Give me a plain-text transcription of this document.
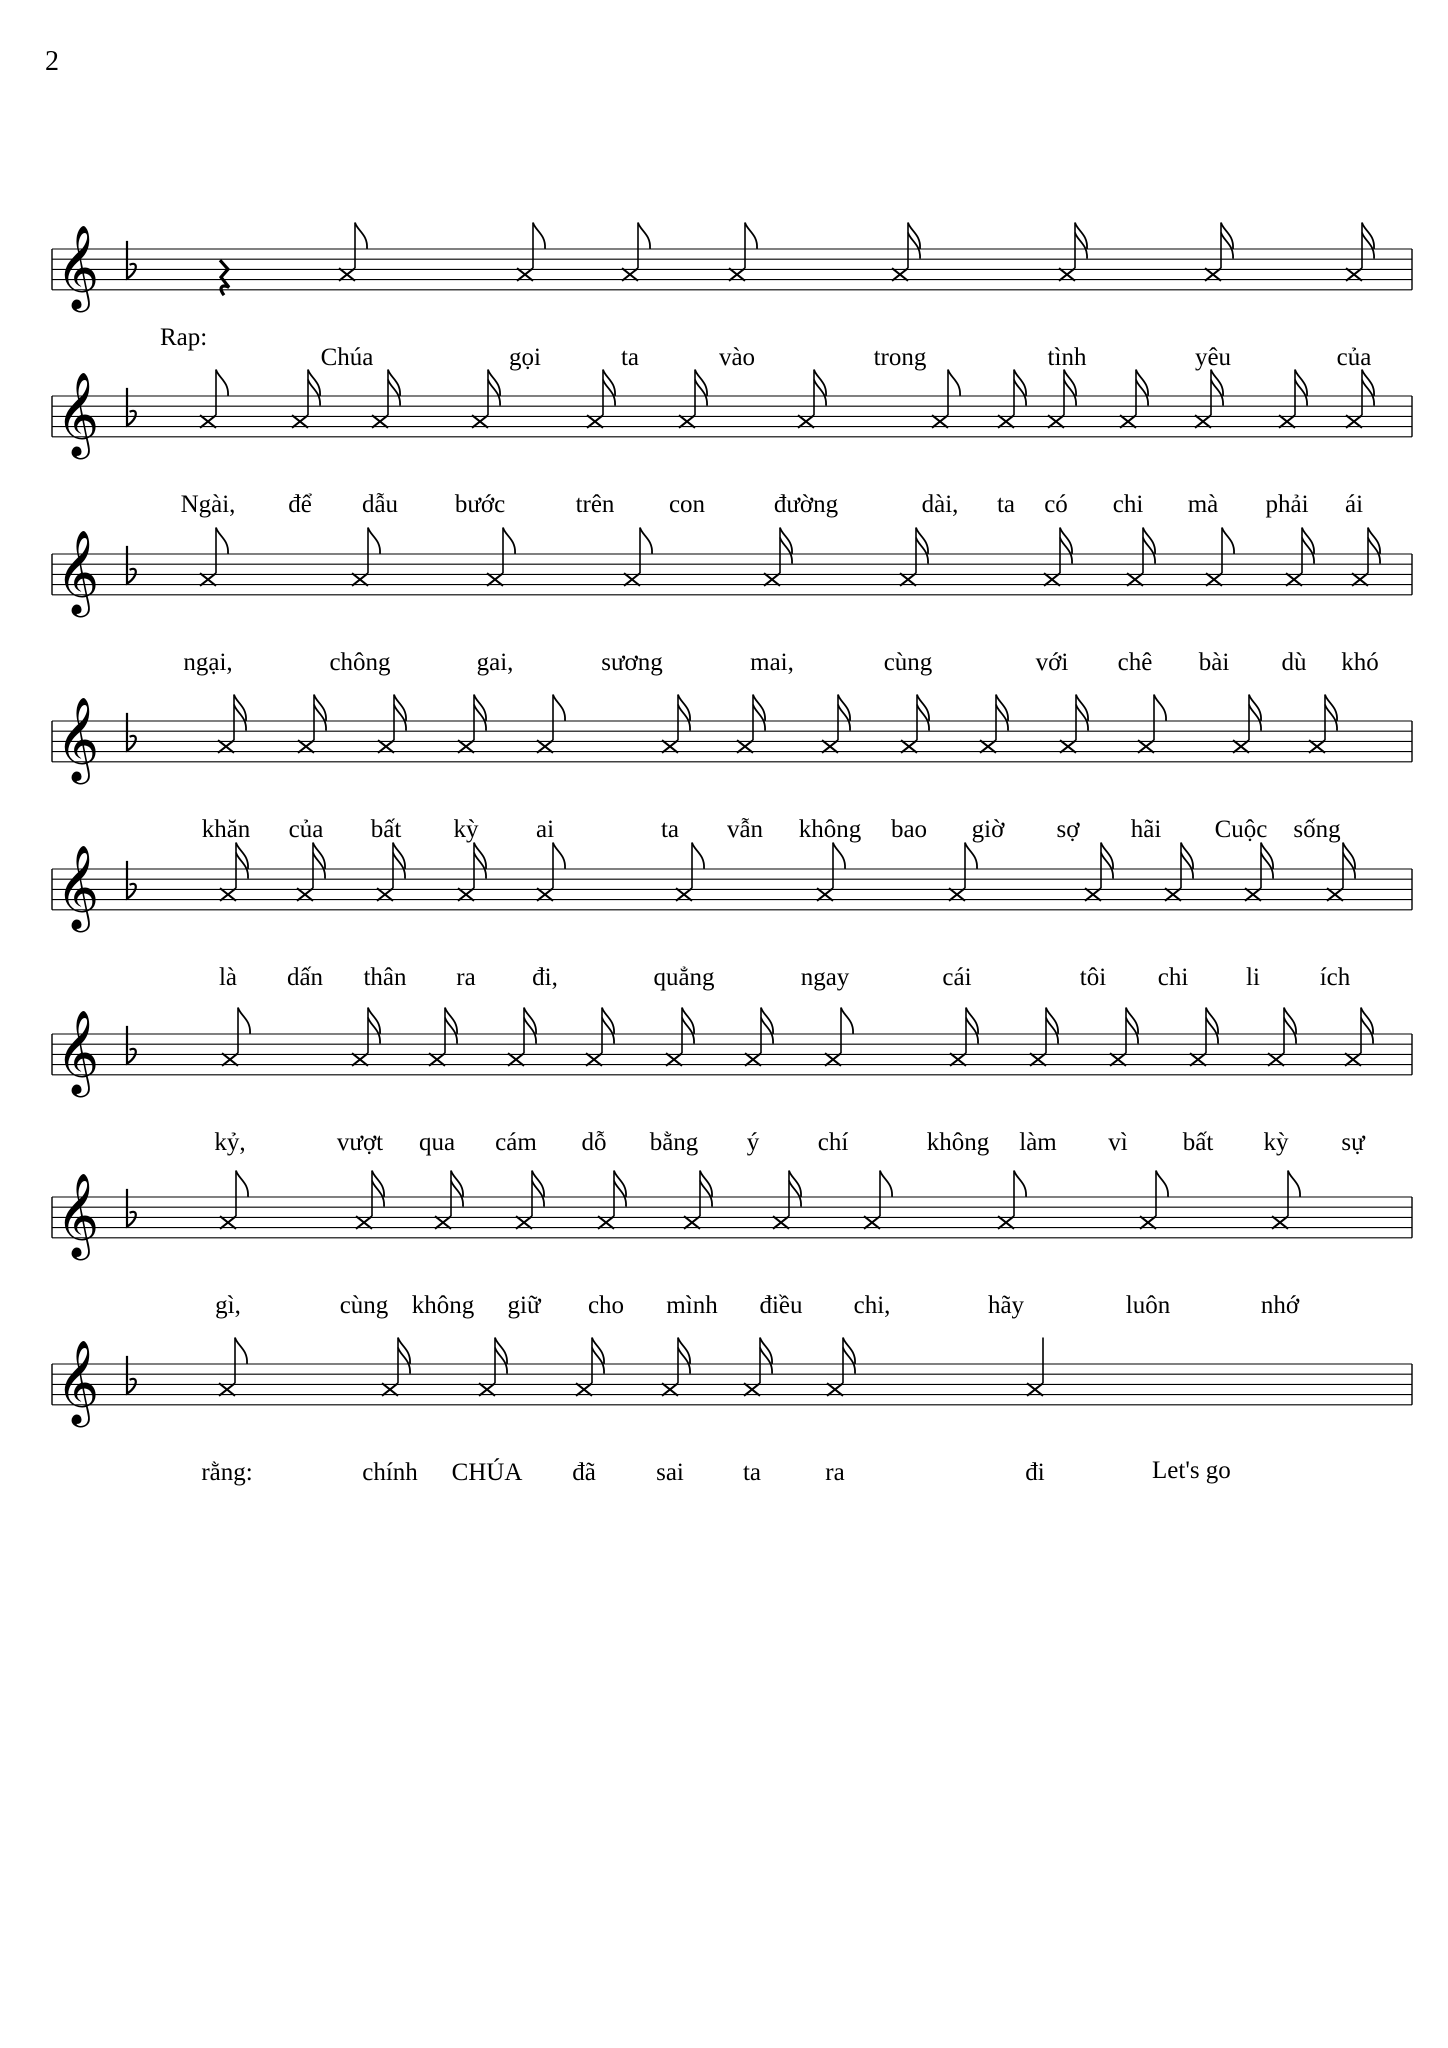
2
𝄞
Rap:
Chúa	gọi	ta	vào	trong	tình	yêu	của
𝄞
Ngài, để dẫu bước	trên con	đường	dài, ta có chi mà phải ái
𝄞
ngại,	chông	gai,	sương	mai,	cùng	với chê bài dù khó
𝄞
khăn của bất kỳ ai	ta vẫn không bao giờ sợ hãi Cuộc sống
𝄞
là dấn thân ra đi,	quẳng	ngay	cái	tôi chi li ích
𝄞
kỷ,	vượt qua cám dỗ bằng ý chí	không làm vì bất kỳ sự
𝄞
gì,	cùng không giữ cho mình điều chi,	hãy	luôn	nhớ
𝄞
rằng:	chính CHÚA đã sai ta	ra	đi	Let's go
